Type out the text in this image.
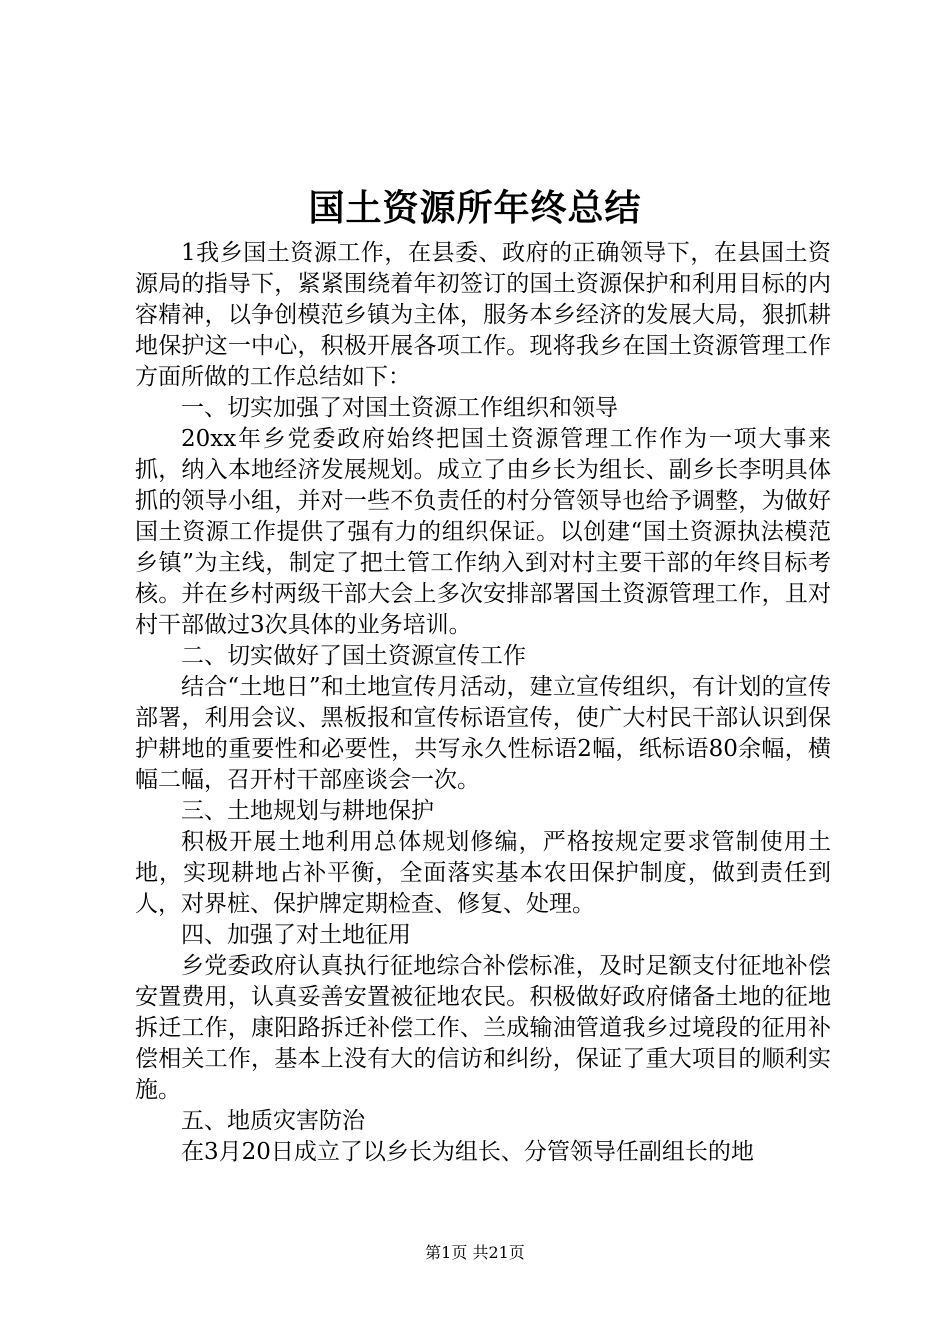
国土资源所年终总结

1我乡国土资源工作，在县委、政府的正确领导下，在县国土资源局的指导下，紧紧围绕着年初签订的国土资源保护和利用目标的内容精神，以争创模范乡镇为主体，服务本乡经济的发展大局，狠抓耕地保护这一中心，积极开展各项工作。现将我乡在国土资源管理工作方面所做的工作总结如下：

一、切实加强了对国土资源工作组织和领导

20xx年乡党委政府始终把国土资源管理工作作为一项大事来抓，纳入本地经济发展规划。成立了由乡长为组长、副乡长李明具体抓的领导小组，并对一些不负责任的村分管领导也给予调整，为做好国土资源工作提供了强有力的组织保证。以创建“国土资源执法模范乡镇”为主线，制定了把土管工作纳入到对村主要干部的年终目标考核。并在乡村两级干部大会上多次安排部署国土资源管理工作，且对村干部做过3次具体的业务培训。

二、切实做好了国土资源宣传工作

结合“土地日”和土地宣传月活动，建立宣传组织，有计划的宣传部署，利用会议、黑板报和宣传标语宣传，使广大村民干部认识到保护耕地的重要性和必要性，共写永久性标语2幅，纸标语80余幅，横幅二幅，召开村干部座谈会一次。

三、土地规划与耕地保护

积极开展土地利用总体规划修编，严格按规定要求管制使用土地，实现耕地占补平衡，全面落实基本农田保护制度，做到责任到人，对界桩、保护牌定期检查、修复、处理。

四、加强了对土地征用

乡党委政府认真执行征地综合补偿标准，及时足额支付征地补偿安置费用，认真妥善安置被征地农民。积极做好政府储备土地的征地拆迁工作，康阳路拆迁补偿工作、兰成输油管道我乡过境段的征用补偿相关工作，基本上没有大的信访和纠纷，保证了重大项目的顺利实施。

五、地质灾害防治

在3月20日成立了以乡长为组长、分管领导任副组长的地

第1页 共21页
